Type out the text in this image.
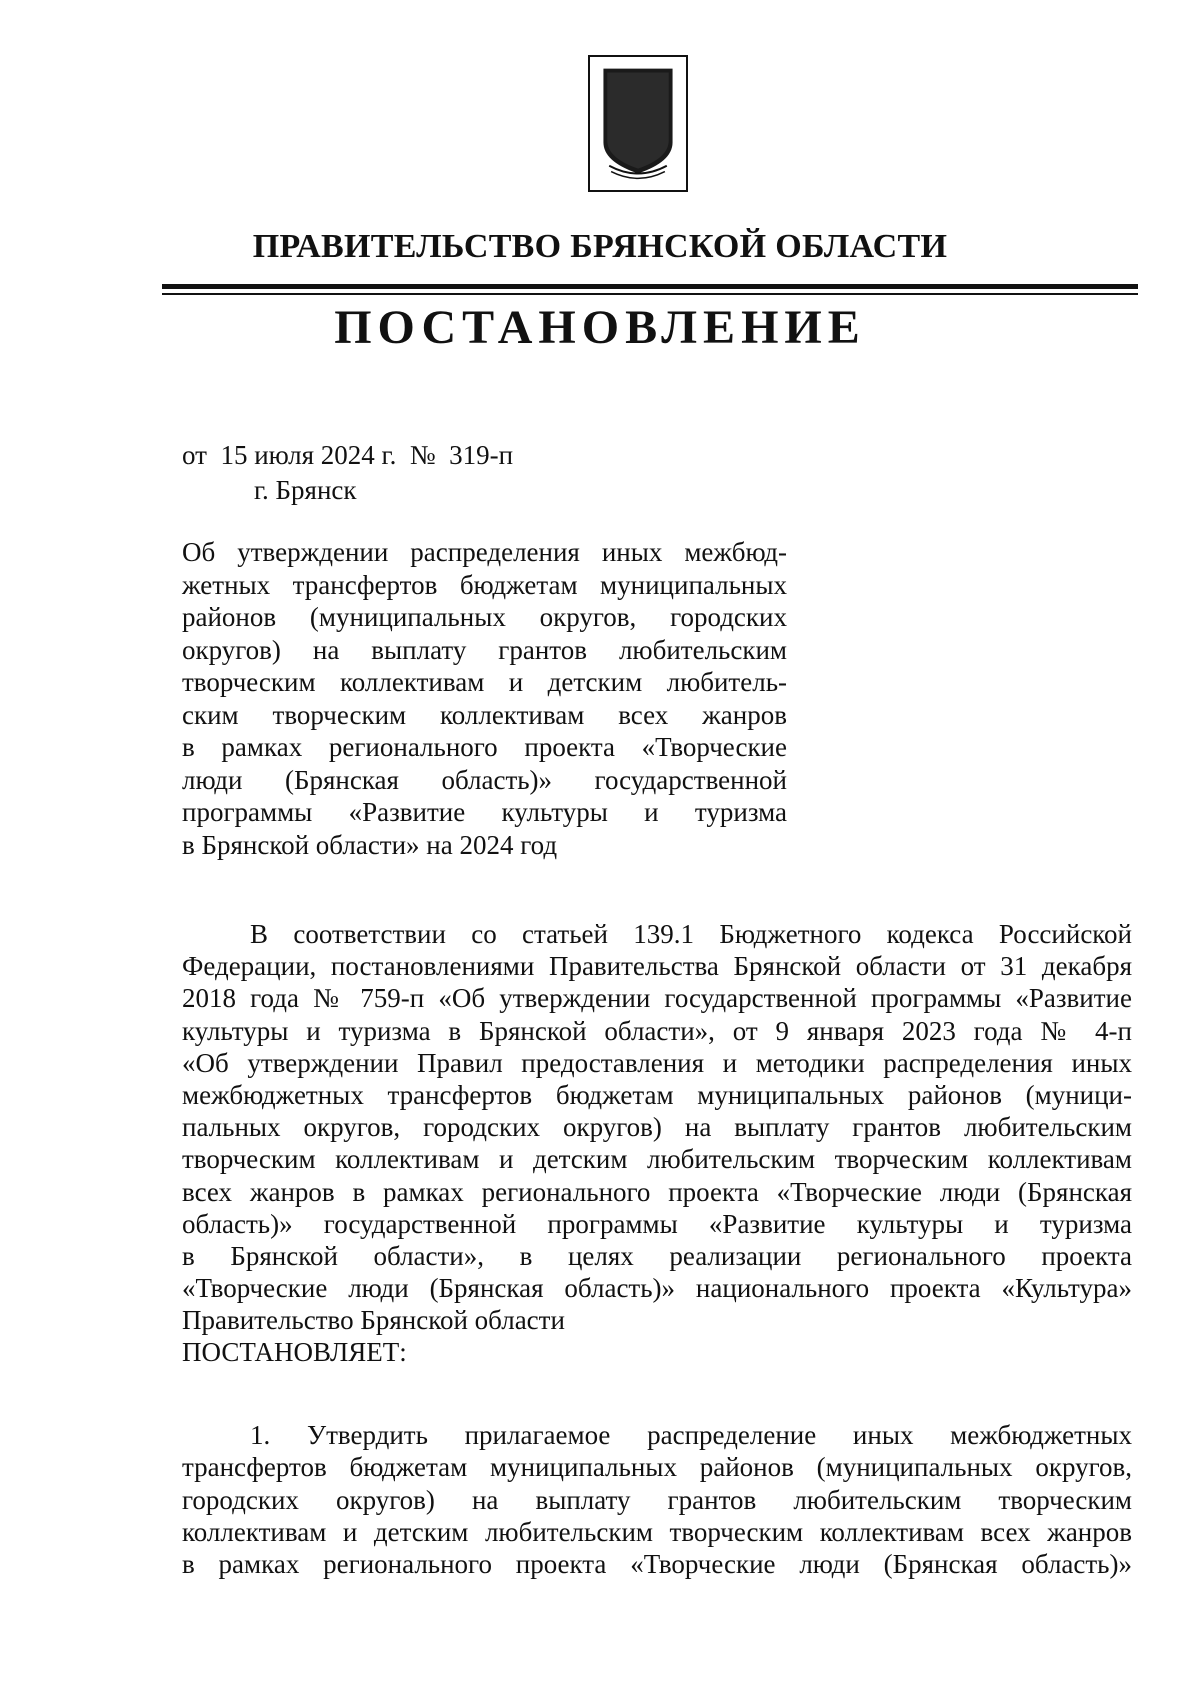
ПРАВИТЕЛЬСТВО БРЯНСКОЙ ОБЛАСТИ
ПОСТАНОВЛЕНИЕ
от  15 июля 2024 г.  №  319-п
г. Брянск
Об утверждении распределения иных межбюд-
жетных трансфертов бюджетам муниципальных
районов (муниципальных округов, городских
округов) на выплату грантов любительским
творческим коллективам и детским любитель-
ским творческим коллективам всех жанров
в рамках регионального проекта «Творческие
люди (Брянская область)» государственной
программы «Развитие культуры и туризма
в Брянской области» на 2024 год
В соответствии со статьей 139.1 Бюджетного кодекса Российской
Федерации, постановлениями Правительства Брянской области от 31 декабря
2018 года № 759-п «Об утверждении государственной программы «Развитие
культуры и туризма в Брянской области», от 9 января 2023 года № 4-п
«Об утверждении Правил предоставления и методики распределения иных
межбюджетных трансфертов бюджетам муниципальных районов (муници-
пальных округов, городских округов) на выплату грантов любительским
творческим коллективам и детским любительским творческим коллективам
всех жанров в рамках регионального проекта «Творческие люди (Брянская
область)» государственной программы «Развитие культуры и туризма
в Брянской области», в целях реализации регионального проекта
«Творческие люди (Брянская область)» национального проекта «Культура»
Правительство Брянской области
ПОСТАНОВЛЯЕТ:
1. Утвердить прилагаемое распределение иных межбюджетных
трансфертов бюджетам муниципальных районов (муниципальных округов,
городских округов) на выплату грантов любительским творческим
коллективам и детским любительским творческим коллективам всех жанров
в рамках регионального проекта «Творческие люди (Брянская область)»
